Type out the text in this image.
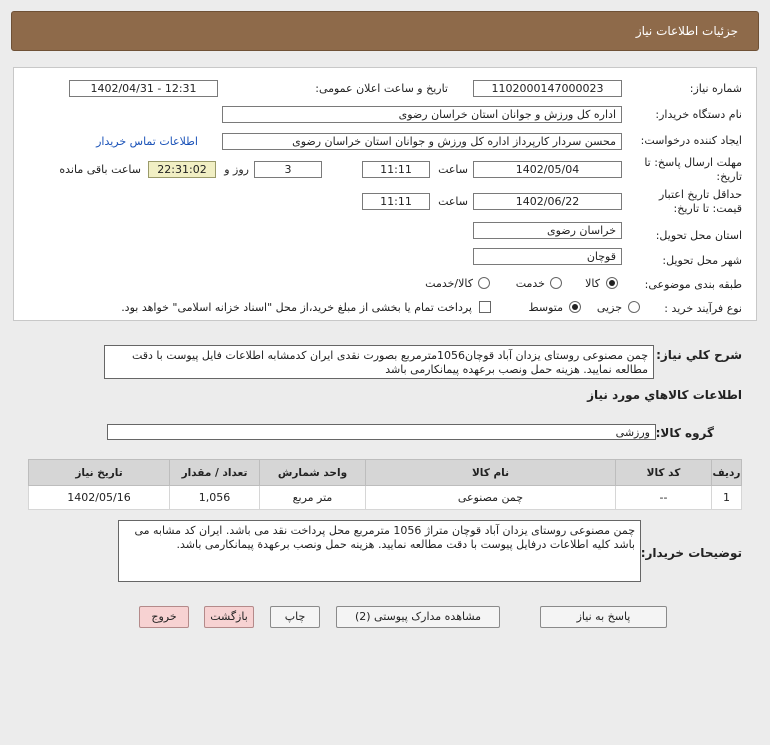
جزئیات اطلاعات نیاز
شماره نیاز:
1102000147000023
تاریخ و ساعت اعلان عمومی:
1402/04/31 - 12:31
نام دستگاه خریدار:
اداره کل ورزش و جوانان استان خراسان رضوی
ایجاد کننده درخواست:
محسن سردار کارپرداز اداره کل ورزش و جوانان استان خراسان رضوی
اطلاعات تماس خریدار
مهلت ارسال پاسخ: تا
تاریخ:
1402/05/04
ساعت
11:11
3
روز و
22:31:02
ساعت باقی مانده
حداقل تاریخ اعتبار
قیمت: تا تاریخ:
1402/06/22
ساعت
11:11
استان محل تحویل:
خراسان رضوی
شهر محل تحویل:
قوچان
طبقه بندی موضوعی:
کالا
خدمت
کالا/خدمت
نوع فرآیند خرید :
جزیی
متوسط
پرداخت تمام یا بخشی از مبلغ خرید،از محل "اسناد خزانه اسلامی" خواهد بود.
شرح کلي نياز:
چمن مصنوعی روستای یزدان آباد قوچان1056مترمربع بصورت نقدی ایران کدمشابه اطلاعات فایل پیوست با دقت مطالعه نمایید. هزینه حمل ونصب برعهده پیمانکارمی باشد
اطلاعات کالاهاي مورد نياز
گروه کالا:
ورزشی
ردیف	کد کالا	نام کالا	واحد شمارش	تعداد / مقدار	تاریخ نیاز
1	--	چمن مصنوعی	متر مربع	1,056	1402/05/16
توضیحات خریدار:
چمن مصنوعی روستای یزدان آباد قوچان متراژ 1056 مترمربع محل پرداخت نقد می باشد. ایران کد مشابه می باشد کلیه اطلاعات درفایل پیوست با دقت مطالعه نمایید. هزینه حمل ونصب برعهدة پیمانکارمی باشد.
پاسخ به نیاز
مشاهده مدارک پیوستی (2)
چاپ
بازگشت
خروج
